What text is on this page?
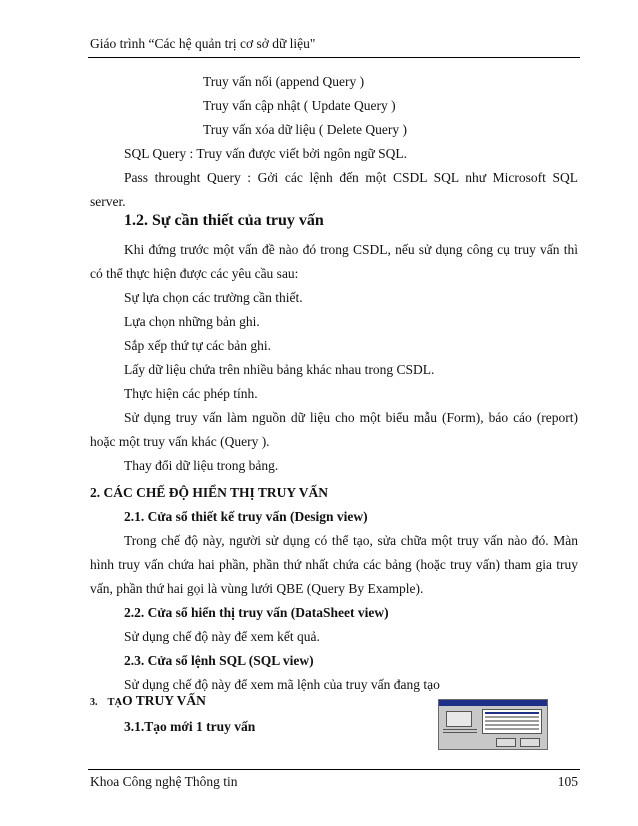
Giáo trình “Các hệ quản trị cơ sở dữ liệu"
Truy vấn nối (append Query )
Truy vấn cập nhật ( Update Query )
Truy vấn xóa dữ liệu ( Delete Query )
SQL Query : Truy vấn được viết bởi ngôn ngữ SQL.
Pass throught Query : Gởi các lệnh đến một CSDL SQL như Microsoft SQL
server.
1.2. Sự cần thiết của truy vấn
Khi đứng trước một vấn đề nào đó trong CSDL, nếu sử dụng công cụ truy vấn thì
có thể thực hiện được các yêu cầu sau:
Sự lựa chọn các trường cần thiết.
Lựa chọn những bản ghi.
Sắp xếp thứ tự các bản ghi.
Lấy dữ liệu chứa trên nhiều bảng khác nhau trong CSDL.
Thực hiện các phép tính.
Sử dụng truy vấn làm nguồn dữ liệu cho một biểu mẫu (Form), báo cáo (report)
hoặc một truy vấn khác (Query ).
Thay đổi dữ liệu trong bảng.
2. CÁC CHẾ ĐỘ HIỂN THỊ TRUY VẤN
2.1. Cửa sổ thiết kế truy vấn (Design view)
Trong chế độ này, người sử dụng có thể tạo, sửa chữa một truy vấn nào đó. Màn
hình truy vấn chứa hai phần, phần thứ nhất chứa các bảng (hoặc truy vấn) tham gia truy
vấn, phần thứ hai gọi là vùng lưới QBE (Query By Example).
2.2. Cửa sổ hiển thị truy vấn (DataSheet view)
Sử dụng chế độ này để xem kết quả.
2.3. Cửa sổ lệnh SQL (SQL view)
Sử dụng chế độ này để xem mã lệnh của truy vấn đang tạo
3. TẠO TRUY VẤN
3.1.Tạo mới 1 truy vấn
Khoa Công nghệ Thông tin	105
